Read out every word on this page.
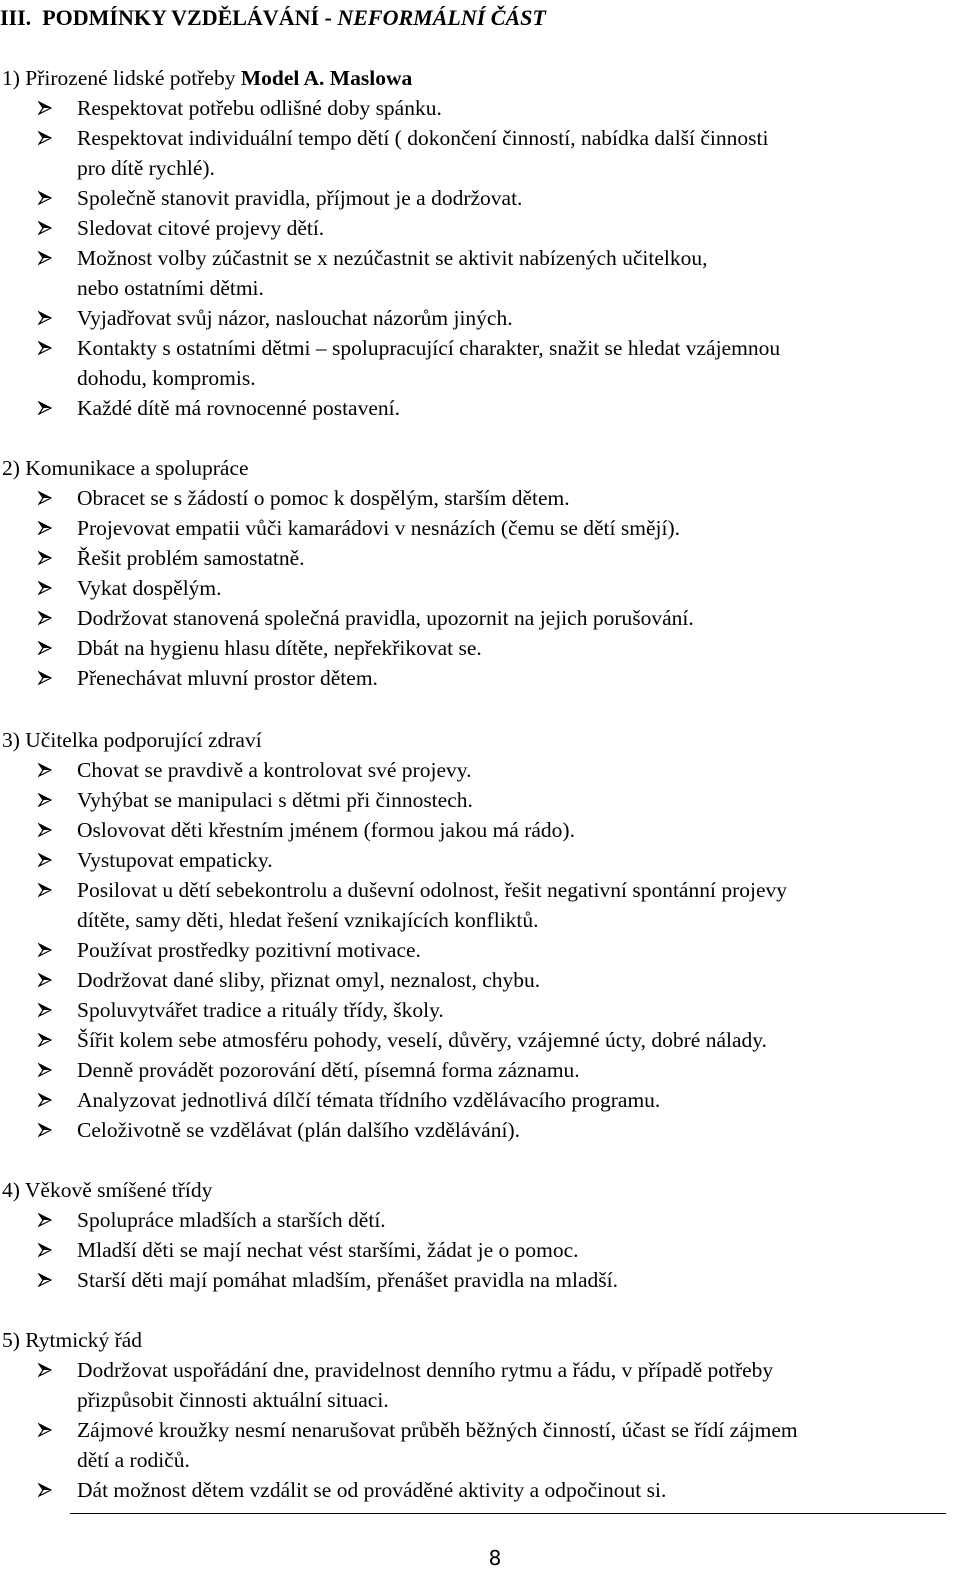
III. PODMÍNKY VZDĚLÁVÁNÍ - NEFORMÁLNÍ ČÁST
1) Přirozené lidské potřeby Model A. Maslowa
Respektovat potřebu odlišné doby spánku.
Respektovat individuální tempo dětí ( dokončení činností, nabídka další činnosti
pro dítě rychlé).
Společně stanovit pravidla, příjmout je a dodržovat.
Sledovat citové projevy dětí.
Možnost volby zúčastnit se x nezúčastnit se aktivit nabízených učitelkou,
nebo ostatními dětmi.
Vyjadřovat svůj názor, naslouchat názorům jiných.
Kontakty s ostatními dětmi – spolupracující charakter, snažit se hledat vzájemnou
dohodu, kompromis.
Každé dítě má rovnocenné postavení.
2) Komunikace a spolupráce
Obracet se s žádostí o pomoc k dospělým, starším dětem.
Projevovat empatii vůči kamarádovi v nesnázích (čemu se dětí smějí).
Řešit problém samostatně.
Vykat dospělým.
Dodržovat stanovená společná pravidla, upozornit na jejich porušování.
Dbát na hygienu hlasu dítěte, nepřekřikovat se.
Přenechávat mluvní prostor dětem.
3) Učitelka podporující zdraví
Chovat se pravdivě a kontrolovat své projevy.
Vyhýbat se manipulaci s dětmi při činnostech.
Oslovovat děti křestním jménem (formou jakou má rádo).
Vystupovat empaticky.
Posilovat u dětí sebekontrolu a duševní odolnost, řešit negativní spontánní projevy
dítěte, samy děti, hledat řešení vznikajících konfliktů.
Používat prostředky pozitivní motivace.
Dodržovat dané sliby, přiznat omyl, neznalost, chybu.
Spoluvytvářet tradice a rituály třídy, školy.
Šířit kolem sebe atmosféru pohody, veselí, důvěry, vzájemné úcty, dobré nálady.
Denně provádět pozorování dětí, písemná forma záznamu.
Analyzovat jednotlivá dílčí témata třídního vzdělávacího programu.
Celoživotně se vzdělávat (plán dalšího vzdělávání).
4) Věkově smíšené třídy
Spolupráce mladších a starších dětí.
Mladší děti se mají nechat vést staršími, žádat je o pomoc.
Starší děti mají pomáhat mladším, přenášet pravidla na mladší.
5) Rytmický řád
Dodržovat uspořádání dne, pravidelnost denního rytmu a řádu, v případě potřeby
přizpůsobit činnosti aktuální situaci.
Zájmové kroužky nesmí nenarušovat průběh běžných činností, účast se řídí zájmem
dětí a rodičů.
Dát možnost dětem vzdálit se od prováděné aktivity a odpočinout si.
8
